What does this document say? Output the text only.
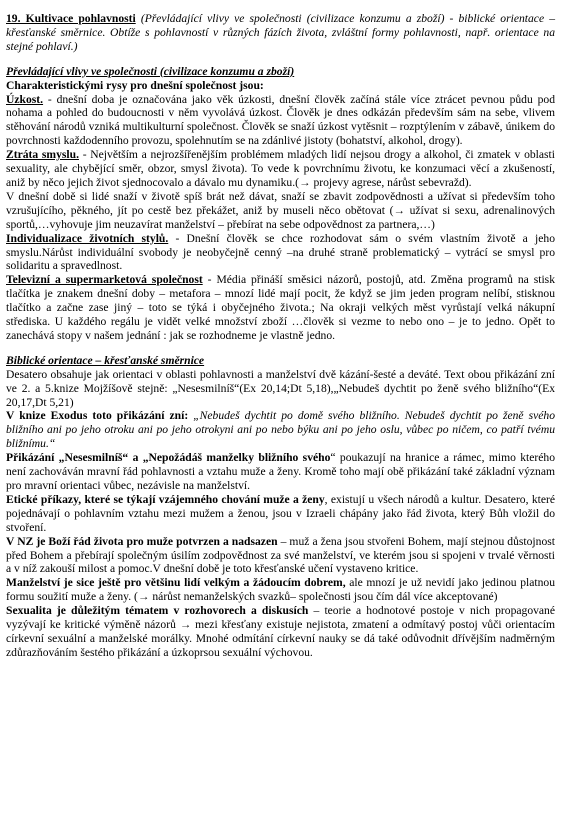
19. Kultivace pohlavnosti (Převládající vlivy ve společnosti (civilizace konzumu a zboží) - biblické orientace – křesťanské směrnice. Obtíže s pohlavností v různých fázích života, zvláštní formy pohlavnosti, např. orientace na stejné pohlaví.)

Převládající vlivy ve společnosti (civilizace konzumu a zboží)

Charakteristickými rysy pro dnešní společnost jsou:

Úzkost. - dnešní doba je označována jako věk úzkosti, dnešní člověk začíná stále více ztrácet pevnou půdu pod nohama a pohled do budoucnosti v něm vyvolává úzkost. Člověk je dnes odkázán především sám na sebe, vlivem stěhování národů vzniká multikulturní společnost. Člověk se snaží úzkost vytěsnit – rozptýlením v zábavě, únikem do povrchnosti každodenního provozu, spolehnutím se na zdánlivé jistoty (bohatství, alkohol, drogy).

Ztráta smyslu. - Největším a nejrozšířenějším problémem mladých lidí nejsou drogy a alkohol, či zmatek v oblasti sexuality, ale chybějící směr, obzor, smysl života). To vede k povrchnímu životu, ke konzumaci věcí a zkušeností, aniž by něco jejich život sjednocovalo a dávalo mu dynamiku.(→ projevy agrese, nárůst sebevražd).

V dnešní době si lidé snaží v životě spíš brát než dávat, snaží se zbavit zodpovědnosti a užívat si především toho vzrušujícího, pěkného, jít po cestě bez překážet, aniž by museli něco obětovat (→ užívat si sexu, adrenalinových sportů,…vyhovuje jim neuzavírat manželství – přebírat na sebe odpovědnost za partnera,…)

Individualizace životních stylů. - Dnešní člověk se chce rozhodovat sám o svém vlastním životě a jeho smyslu.Nárůst individuální svobody je neobyčejně cenný –na druhé straně problematický – vytrácí se smysl pro solidaritu a spravedlnost.

Televizní a supermarketová společnost - Média přináší směsici názorů, postojů, atd. Změna programů na stisk tlačítka je znakem dnešní doby – metafora – mnozí lidé mají pocit, že když se jim jeden program nelíbí, stisknou tlačítko a začne zase jiný – toto se týká i obyčejného života.; Na okraji velkých měst vyrůstají velká nákupní střediska. U každého regálu je vidět velké množství zboží …člověk si vezme to nebo ono – je to jedno. Opět to zanechává stopy v našem jednání : jak se rozhodneme je vlastně jedno.

Biblické orientace – křesťanské směrnice

Desatero obsahuje jak orientaci v oblasti pohlavnosti a manželství dvě kázání-šesté a deváté. Text obou přikázání zní ve 2. a 5.knize Mojžíšově stejně: „Nesesmilníš“(Ex 20,14;Dt 5,18),„Nebudeš dychtit po ženě svého bližního“(Ex 20,17,Dt 5,21)

V knize Exodus toto přikázání zní: „Nebudeš dychtit po domě svého bližního. Nebudeš dychtit po ženě svého bližního ani po jeho otroku ani po jeho otrokyni ani po nebo býku ani po jeho oslu, vůbec po ničem, co patří tvému bližnímu.“

Přikázání „Nesesmilníš“ a „Nepožádáš manželky bližního svého“ poukazují na hranice a rámec, mimo kterého není zachováván mravní řád pohlavnosti a vztahu muže a ženy. Kromě toho mají obě přikázání také základní význam pro mravní orientaci vůbec, nezávisle na manželství.

Etické příkazy, které se týkají vzájemného chování muže a ženy, existují u všech národů a kultur. Desatero, které pojednávají o pohlavním vztahu mezi mužem a ženou, jsou v Izraeli chápány jako řád života, který Bůh vložil do stvoření.

V NZ je Boží řád života pro muže potvrzen a nadsazen – muž a žena jsou stvořeni Bohem, mají stejnou důstojnost před Bohem a přebírají společným úsilím zodpovědnost za své manželství, ve kterém jsou si spojeni v trvalé věrnosti a v níž zakouší milost a pomoc.V dnešní době je toto křesťanské učení vystaveno kritice.

Manželství je sice ještě pro většinu lidí velkým a žádoucím dobrem, ale mnozí je už nevidí jako jedinou platnou formu soužití muže a ženy. (→ nárůst nemanželských svazků– společnosti jsou čím dál více akceptované)

Sexualita je důležitým tématem v rozhovorech a diskusích – teorie a hodnotové postoje v nich propagované vyzývají ke kritické výměně názorů → mezi křesťany existuje nejistota, zmatení a odmítavý postoj vůči orientacím církevní sexuální a manželské morálky. Mnohé odmítání církevní nauky se dá také odůvodnit dřívějším nadměrným zdůrazňováním šestého přikázání a úzkoprsou sexuální výchovou.
